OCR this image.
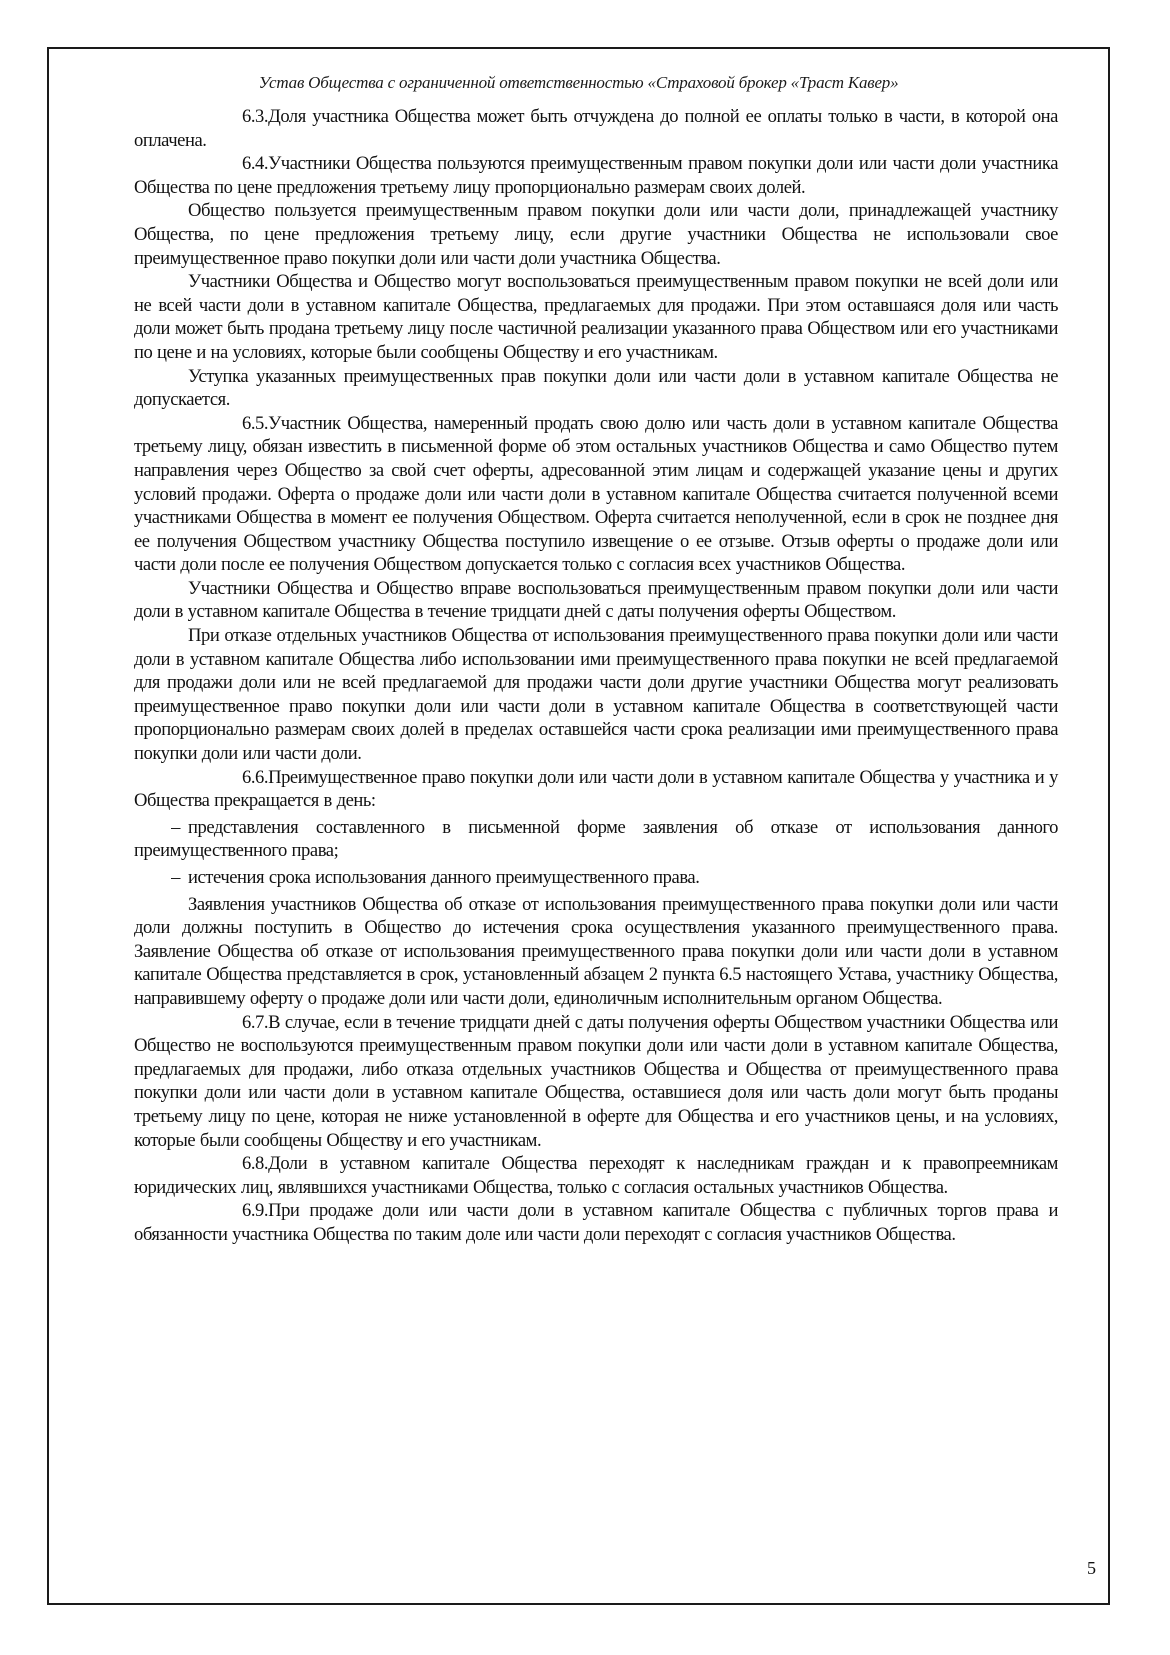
Устав Общества с ограниченной ответственностью «Страховой брокер «Траст Кавер»

6.3.Доля участника Общества может быть отчуждена до полной ее оплаты только в части, в которой она оплачена.

6.4.Участники Общества пользуются преимущественным правом покупки доли или части доли участника Общества по цене предложения третьему лицу пропорционально размерам своих долей.

Общество пользуется преимущественным правом покупки доли или части доли, принадлежащей участнику Общества, по цене предложения третьему лицу, если другие участники Общества не использовали свое преимущественное право покупки доли или части доли участника Общества.

Участники Общества и Общество могут воспользоваться преимущественным правом покупки не всей доли или не всей части доли в уставном капитале Общества, предлагаемых для продажи. При этом оставшаяся доля или часть доли может быть продана третьему лицу после частичной реализации указанного права Обществом или его участниками по цене и на условиях, которые были сообщены Обществу и его участникам.

Уступка указанных преимущественных прав покупки доли или части доли в уставном капитале Общества не допускается.

6.5.Участник Общества, намеренный продать свою долю или часть доли в уставном капитале Общества третьему лицу, обязан известить в письменной форме об этом остальных участников Общества и само Общество путем направления через Общество за свой счет оферты, адресованной этим лицам и содержащей указание цены и других условий продажи. Оферта о продаже доли или части доли в уставном капитале Общества считается полученной всеми участниками Общества в момент ее получения Обществом. Оферта считается неполученной, если в срок не позднее дня ее получения Обществом участнику Общества поступило извещение о ее отзыве. Отзыв оферты о продаже доли или части доли после ее получения Обществом допускается только с согласия всех участников Общества.

Участники Общества и Общество вправе воспользоваться преимущественным правом покупки доли или части доли в уставном капитале Общества в течение тридцати дней с даты получения оферты Обществом.

При отказе отдельных участников Общества от использования преимущественного права покупки доли или части доли в уставном капитале Общества либо использовании ими преимущественного права покупки не всей предлагаемой для продажи доли или не всей предлагаемой для продажи части доли другие участники Общества могут реализовать преимущественное право покупки доли или части доли в уставном капитале Общества в соответствующей части пропорционально размерам своих долей в пределах оставшейся части срока реализации ими преимущественного права покупки доли или части доли.

6.6.Преимущественное право покупки доли или части доли в уставном капитале Общества у участника и у Общества прекращается в день:

– представления составленного в письменной форме заявления об отказе от использования данного преимущественного права;

– истечения срока использования данного преимущественного права.

Заявления участников Общества об отказе от использования преимущественного права покупки доли или части доли должны поступить в Общество до истечения срока осуществления указанного преимущественного права. Заявление Общества об отказе от использования преимущественного права покупки доли или части доли в уставном капитале Общества представляется в срок, установленный абзацем 2 пункта 6.5 настоящего Устава, участнику Общества, направившему оферту о продаже доли или части доли, единоличным исполнительным органом Общества.

6.7.В случае, если в течение тридцати дней с даты получения оферты Обществом участники Общества или Общество не воспользуются преимущественным правом покупки доли или части доли в уставном капитале Общества, предлагаемых для продажи, либо отказа отдельных участников Общества и Общества от преимущественного права покупки доли или части доли в уставном капитале Общества, оставшиеся доля или часть доли могут быть проданы третьему лицу по цене, которая не ниже установленной в оферте для Общества и его участников цены, и на условиях, которые были сообщены Обществу и его участникам.

6.8.Доли в уставном капитале Общества переходят к наследникам граждан и к правопреемникам юридических лиц, являвшихся участниками Общества, только с согласия остальных участников Общества.

6.9.При продаже доли или части доли в уставном капитале Общества с публичных торгов права и обязанности участника Общества по таким доле или части доли переходят с согласия участников Общества.

5
